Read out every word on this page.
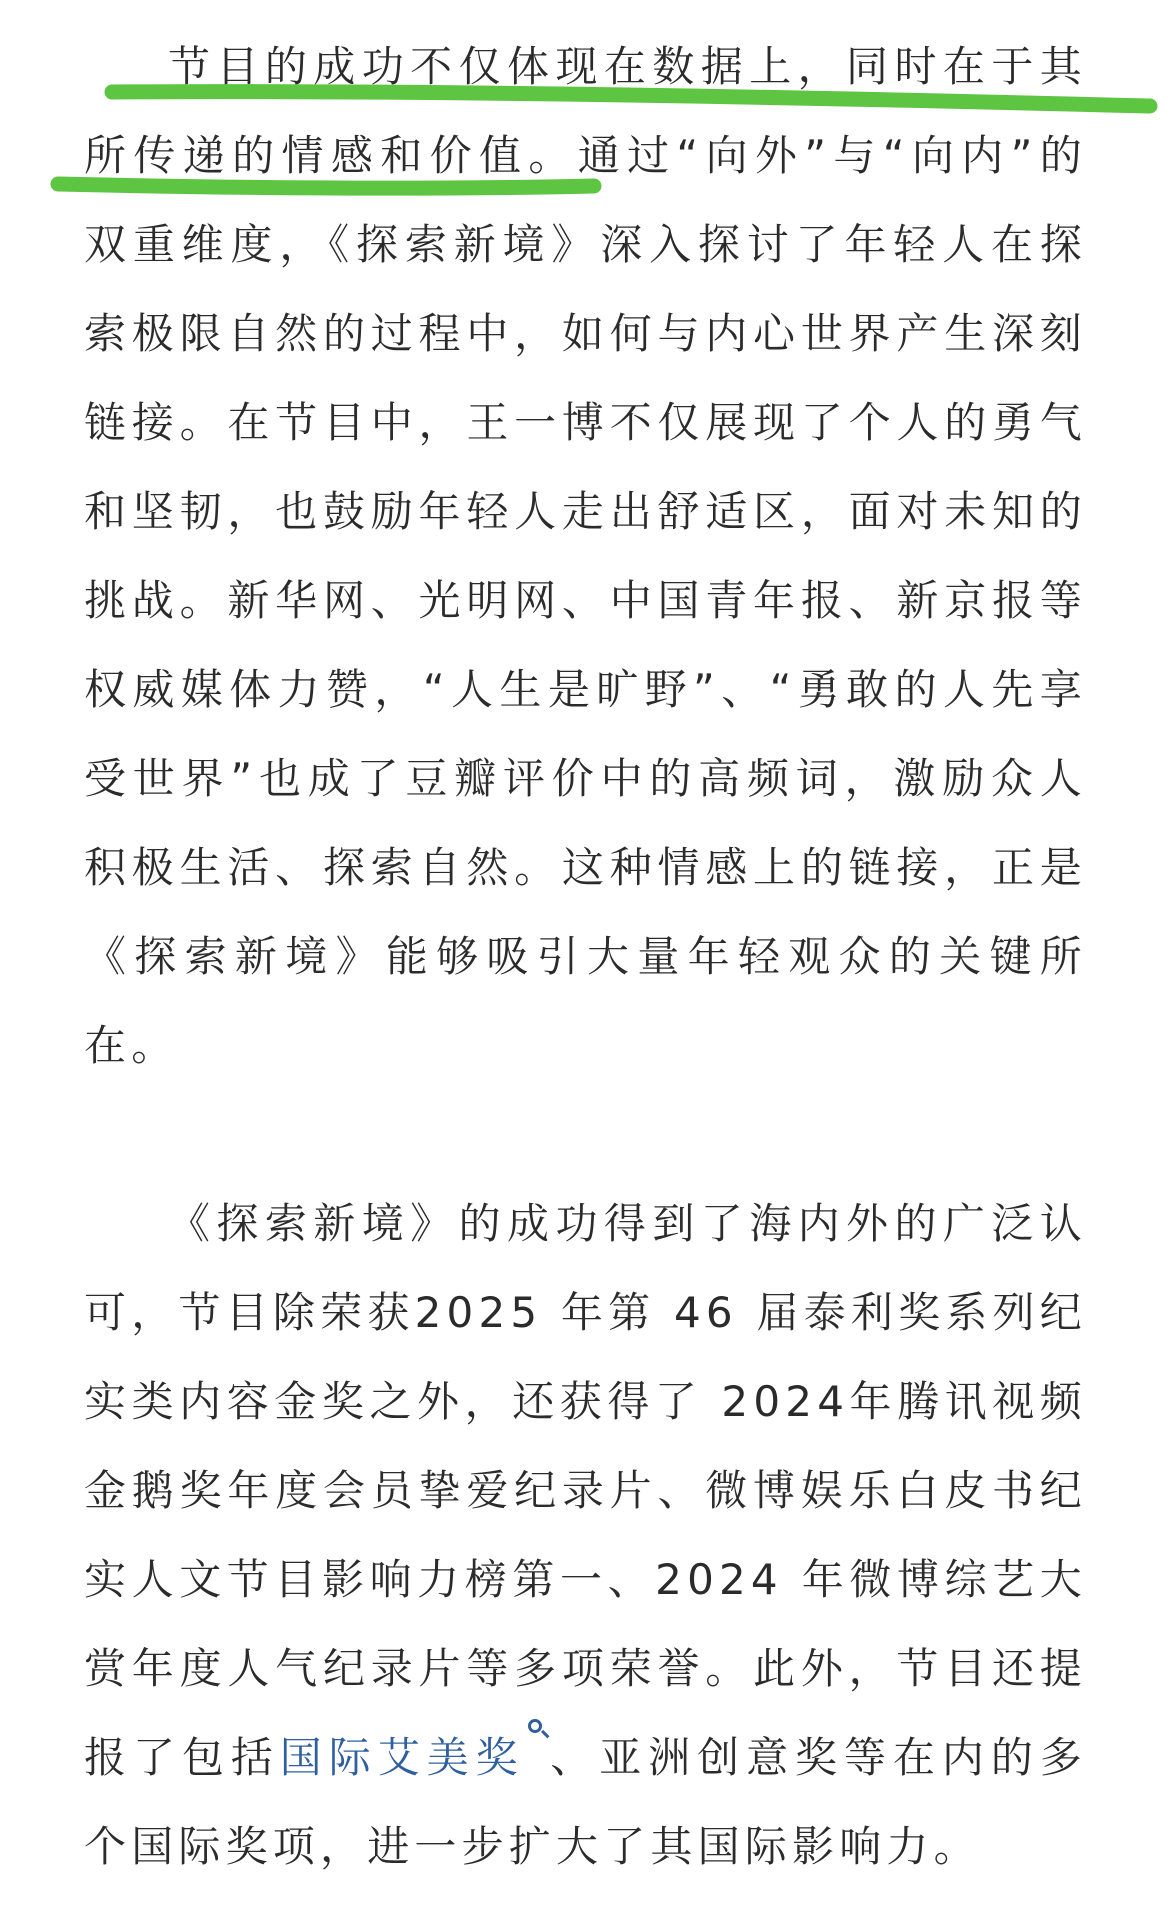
节目的成功不仅体现在数据上，同时在于其所传递的情感和价值。通过“向外”与“向内”的双重维度，《探索新境》深入探讨了年轻人在探索极限自然的过程中，如何与内心世界产生深刻链接。在节目中，王一博不仅展现了个人的勇气和坚韧，也鼓励年轻人走出舒适区，面对未知的挑战。新华网、光明网、中国青年报、新京报等权威媒体力赞，“人生是旷野”、“勇敢的人先享受世界”也成了豆瓣评价中的高频词，激励众人积极生活、探索自然。这种情感上的链接，正是《探索新境》能够吸引大量年轻观众的关键所在。

《探索新境》的成功得到了海内外的广泛认可，节目除荣获2025 年第 46 届泰利奖系列纪实类内容金奖之外，还获得了 2024年腾讯视频金鹅奖年度会员挚爱纪录片、微博娱乐白皮书纪实人文节目影响力榜第一、2024 年微博综艺大赏年度人气纪录片等多项荣誉。此外，节目还提报了包括国际艾美奖 、亚洲创意奖等在内的多个国际奖项，进一步扩大了其国际影响力。
